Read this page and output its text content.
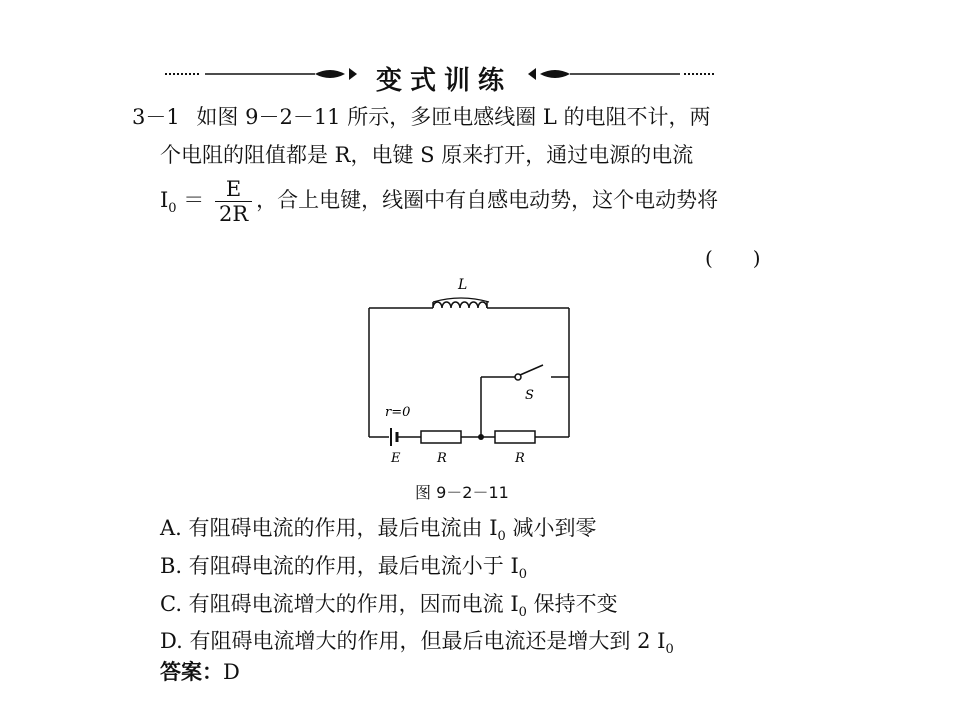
变式训练
3－1 如图 9－2－11 所示，多匝电感线圈 L 的电阻不计，两
个电阻的阻值都是 R，电键 S 原来打开，通过电源的电流
$I_0 = \frac{E}{2R}$ ，合上电键，线圈中有自感电动势，这个电动势将
(　　)
L
r=0
E	R	R
S
图 9－2－11
A. 有阻碍电流的作用，最后电流由 $I_0$ 减小到零
B. 有阻碍电流的作用，最后电流小于 $I_0$
C. 有阻碍电流增大的作用，因而电流 $I_0$ 保持不变
D. 有阻碍电流增大的作用，但最后电流还是增大到 2 $I_0$
答案：D
